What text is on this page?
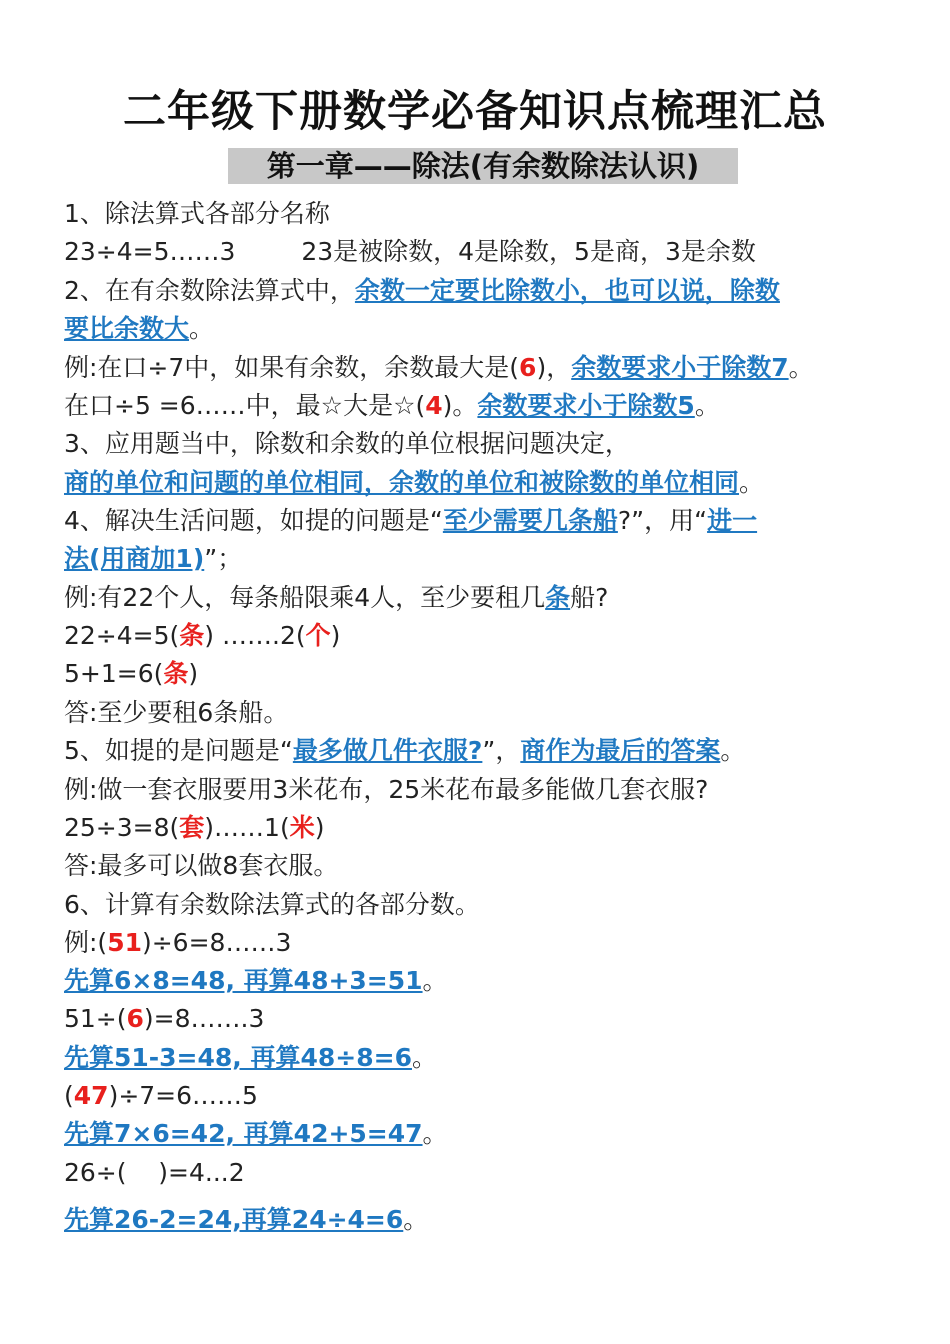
二年级下册数学必备知识点梳理汇总
第一章——除法(有余数除法认识)
1、除法算式各部分名称
23÷4=5……3	23是被除数，4是除数，5是商，3是余数
2、在有余数除法算式中，余数一定要比除数小，也可以说，除数
要比余数大。
例:在口÷7中，如果有余数，余数最大是(6)，余数要求小于除数7。
在口÷5 =6……中，最☆大是☆(4)。余数要求小于除数5。
3、应用题当中，除数和余数的单位根据问题决定，
商的单位和问题的单位相同，余数的单位和被除数的单位相同。
4、解决生活问题，如提的问题是“至少需要几条船?”，用“进一
法(用商加1)”；
例:有22个人，每条船限乘4人，至少要租几条船?
22÷4=5(条) …….2(个)
5+1=6(条)
答:至少要租6条船。
5、如提的是问题是“最多做几件衣服?”，商作为最后的答案。
例:做一套衣服要用3米花布，25米花布最多能做几套衣服?
25÷3=8(套)……1(米)
答:最多可以做8套衣服。
6、计算有余数除法算式的各部分数。
例:(51)÷6=8……3
先算6×8=48, 再算48+3=51。
51÷(6)=8…….3
先算51-3=48, 再算48÷8=6。
(47)÷7=6……5
先算7×6=42, 再算42+5=47。
26÷(    )=4...2
先算26-2=24,再算24÷4=6。
